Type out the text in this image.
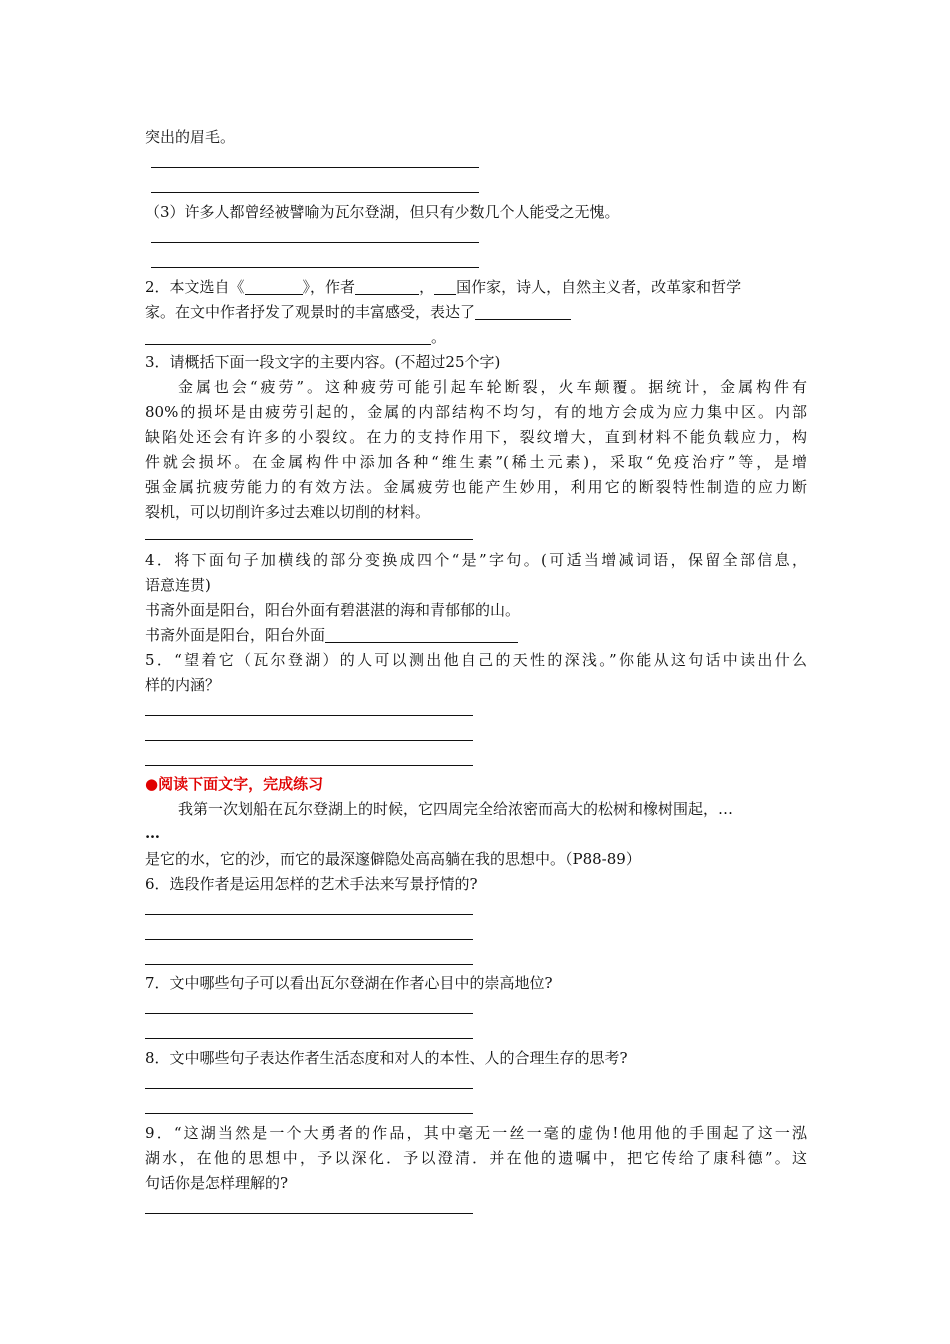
突出的眉毛。
（3）许多人都曾经被譬喻为瓦尔登湖，但只有少数几个人能受之无愧。
2．本文选自《	》，作者	， 国作家，诗人，自然主义者，改革家和哲学
家。在文中作者抒发了观景时的丰富感受，表达了
。
3．请概括下面一段文字的主要内容。(不超过25个字)
金属也会“疲劳”。这种疲劳可能引起车轮断裂，火车颠覆。据统计，金属构件有
80%的损坏是由疲劳引起的，金属的内部结构不均匀，有的地方会成为应力集中区。内部
缺陷处还会有许多的小裂纹。在力的支持作用下，裂纹增大，直到材料不能负载应力，构
件就会损坏。在金属构件中添加各种“维生素”(稀土元素)，采取“免疫治疗”等，是增
强金属抗疲劳能力的有效方法。金属疲劳也能产生妙用，利用它的断裂特性制造的应力断
裂机，可以切削许多过去难以切削的材料。
4．将下面句子加横线的部分变换成四个“是”字句。(可适当增减词语，保留全部信息，
语意连贯)
书斋外面是阳台，阳台外面有碧湛湛的海和青郁郁的山。
书斋外面是阳台，阳台外面
5．“望着它（瓦尔登湖）的人可以测出他自己的天性的深浅。”你能从这句话中读出什么
样的内涵？
●阅读下面文字，完成练习
我第一次划船在瓦尔登湖上的时候，它四周完全给浓密而高大的松树和橡树围起，…
…
是它的水，它的沙，而它的最深邃僻隐处高高躺在我的思想中。（P88-89）
6．选段作者是运用怎样的艺术手法来写景抒情的?
7．文中哪些句子可以看出瓦尔登湖在作者心目中的崇高地位?
8．文中哪些句子表达作者生活态度和对人的本性、人的合理生存的思考?
9．“这湖当然是一个大勇者的作品，其中毫无一丝一毫的虚伪!他用他的手围起了这一泓
湖水，在他的思想中，予以深化．予以澄清．并在他的遗嘱中，把它传给了康科德”。这
句话你是怎样理解的?
